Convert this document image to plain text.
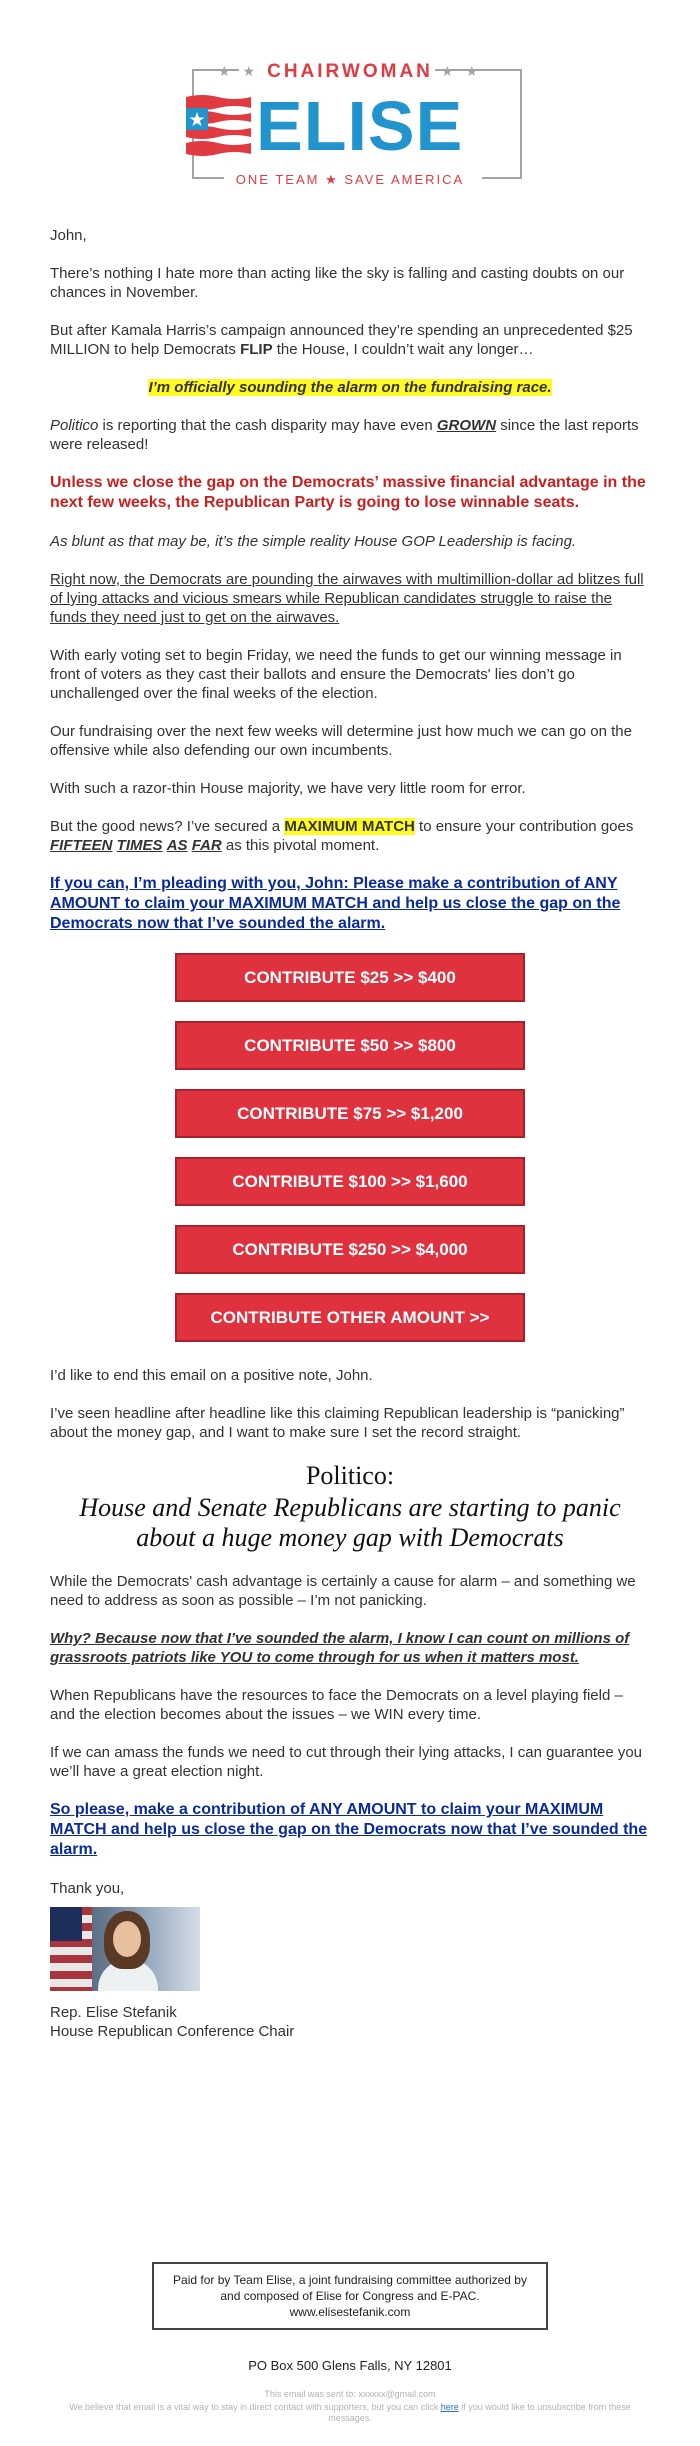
★ ★	★ ★
CHAIRWOMAN
ELISE
ONE TEAM ★ SAVE AMERICA

John,

There’s nothing I hate more than acting like the sky is falling and casting doubts on our chances in November.

But after Kamala Harris’s campaign announced they’re spending an unprecedented $25 MILLION to help Democrats FLIP the House, I couldn’t wait any longer…

I’m officially sounding the alarm on the fundraising race.

Politico is reporting that the cash disparity may have even GROWN since the last reports were released!

Unless we close the gap on the Democrats’ massive financial advantage in the next few weeks, the Republican Party is going to lose winnable seats.

As blunt as that may be, it’s the simple reality House GOP Leadership is facing.

Right now, the Democrats are pounding the airwaves with multimillion-dollar ad blitzes full of lying attacks and vicious smears while Republican candidates struggle to raise the funds they need just to get on the airwaves.

With early voting set to begin Friday, we need the funds to get our winning message in front of voters as they cast their ballots and ensure the Democrats' lies don’t go unchallenged over the final weeks of the election.

Our fundraising over the next few weeks will determine just how much we can go on the offensive while also defending our own incumbents.

With such a razor-thin House majority, we have very little room for error.

But the good news? I’ve secured a MAXIMUM MATCH to ensure your contribution goes FIFTEEN TIMES AS FAR as this pivotal moment.

If you can, I’m pleading with you, John: Please make a contribution of ANY AMOUNT to claim your MAXIMUM MATCH and help us close the gap on the Democrats now that I’ve sounded the alarm.

CONTRIBUTE $25 >> $400
CONTRIBUTE $50 >> $800
CONTRIBUTE $75 >> $1,200
CONTRIBUTE $100 >> $1,600
CONTRIBUTE $250 >> $4,000
CONTRIBUTE OTHER AMOUNT >>

I’d like to end this email on a positive note, John.

I’ve seen headline after headline like this claiming Republican leadership is “panicking” about the money gap, and I want to make sure I set the record straight.

Politico:
House and Senate Republicans are starting to panic about a huge money gap with Democrats

While the Democrats' cash advantage is certainly a cause for alarm – and something we need to address as soon as possible – I’m not panicking.

Why? Because now that I’ve sounded the alarm, I know I can count on millions of grassroots patriots like YOU to come through for us when it matters most.

When Republicans have the resources to face the Democrats on a level playing field – and the election becomes about the issues – we WIN every time.

If we can amass the funds we need to cut through their lying attacks, I can guarantee you we’ll have a great election night.

So please, make a contribution of ANY AMOUNT to claim your MAXIMUM MATCH and help us close the gap on the Democrats now that I’ve sounded the alarm.

Thank you,

Rep. Elise Stefanik
House Republican Conference Chair
Paid for by Team Elise, a joint fundraising committee authorized by and composed of Elise for Congress and E-PAC. www.elisestefanik.com
PO Box 500 Glens Falls, NY 12801
This email was sent to: xxxxxx@gmail.com
We believe that email is a vital way to stay in direct contact with supporters, but you can click here if you would like to unsubscribe from these messages.
